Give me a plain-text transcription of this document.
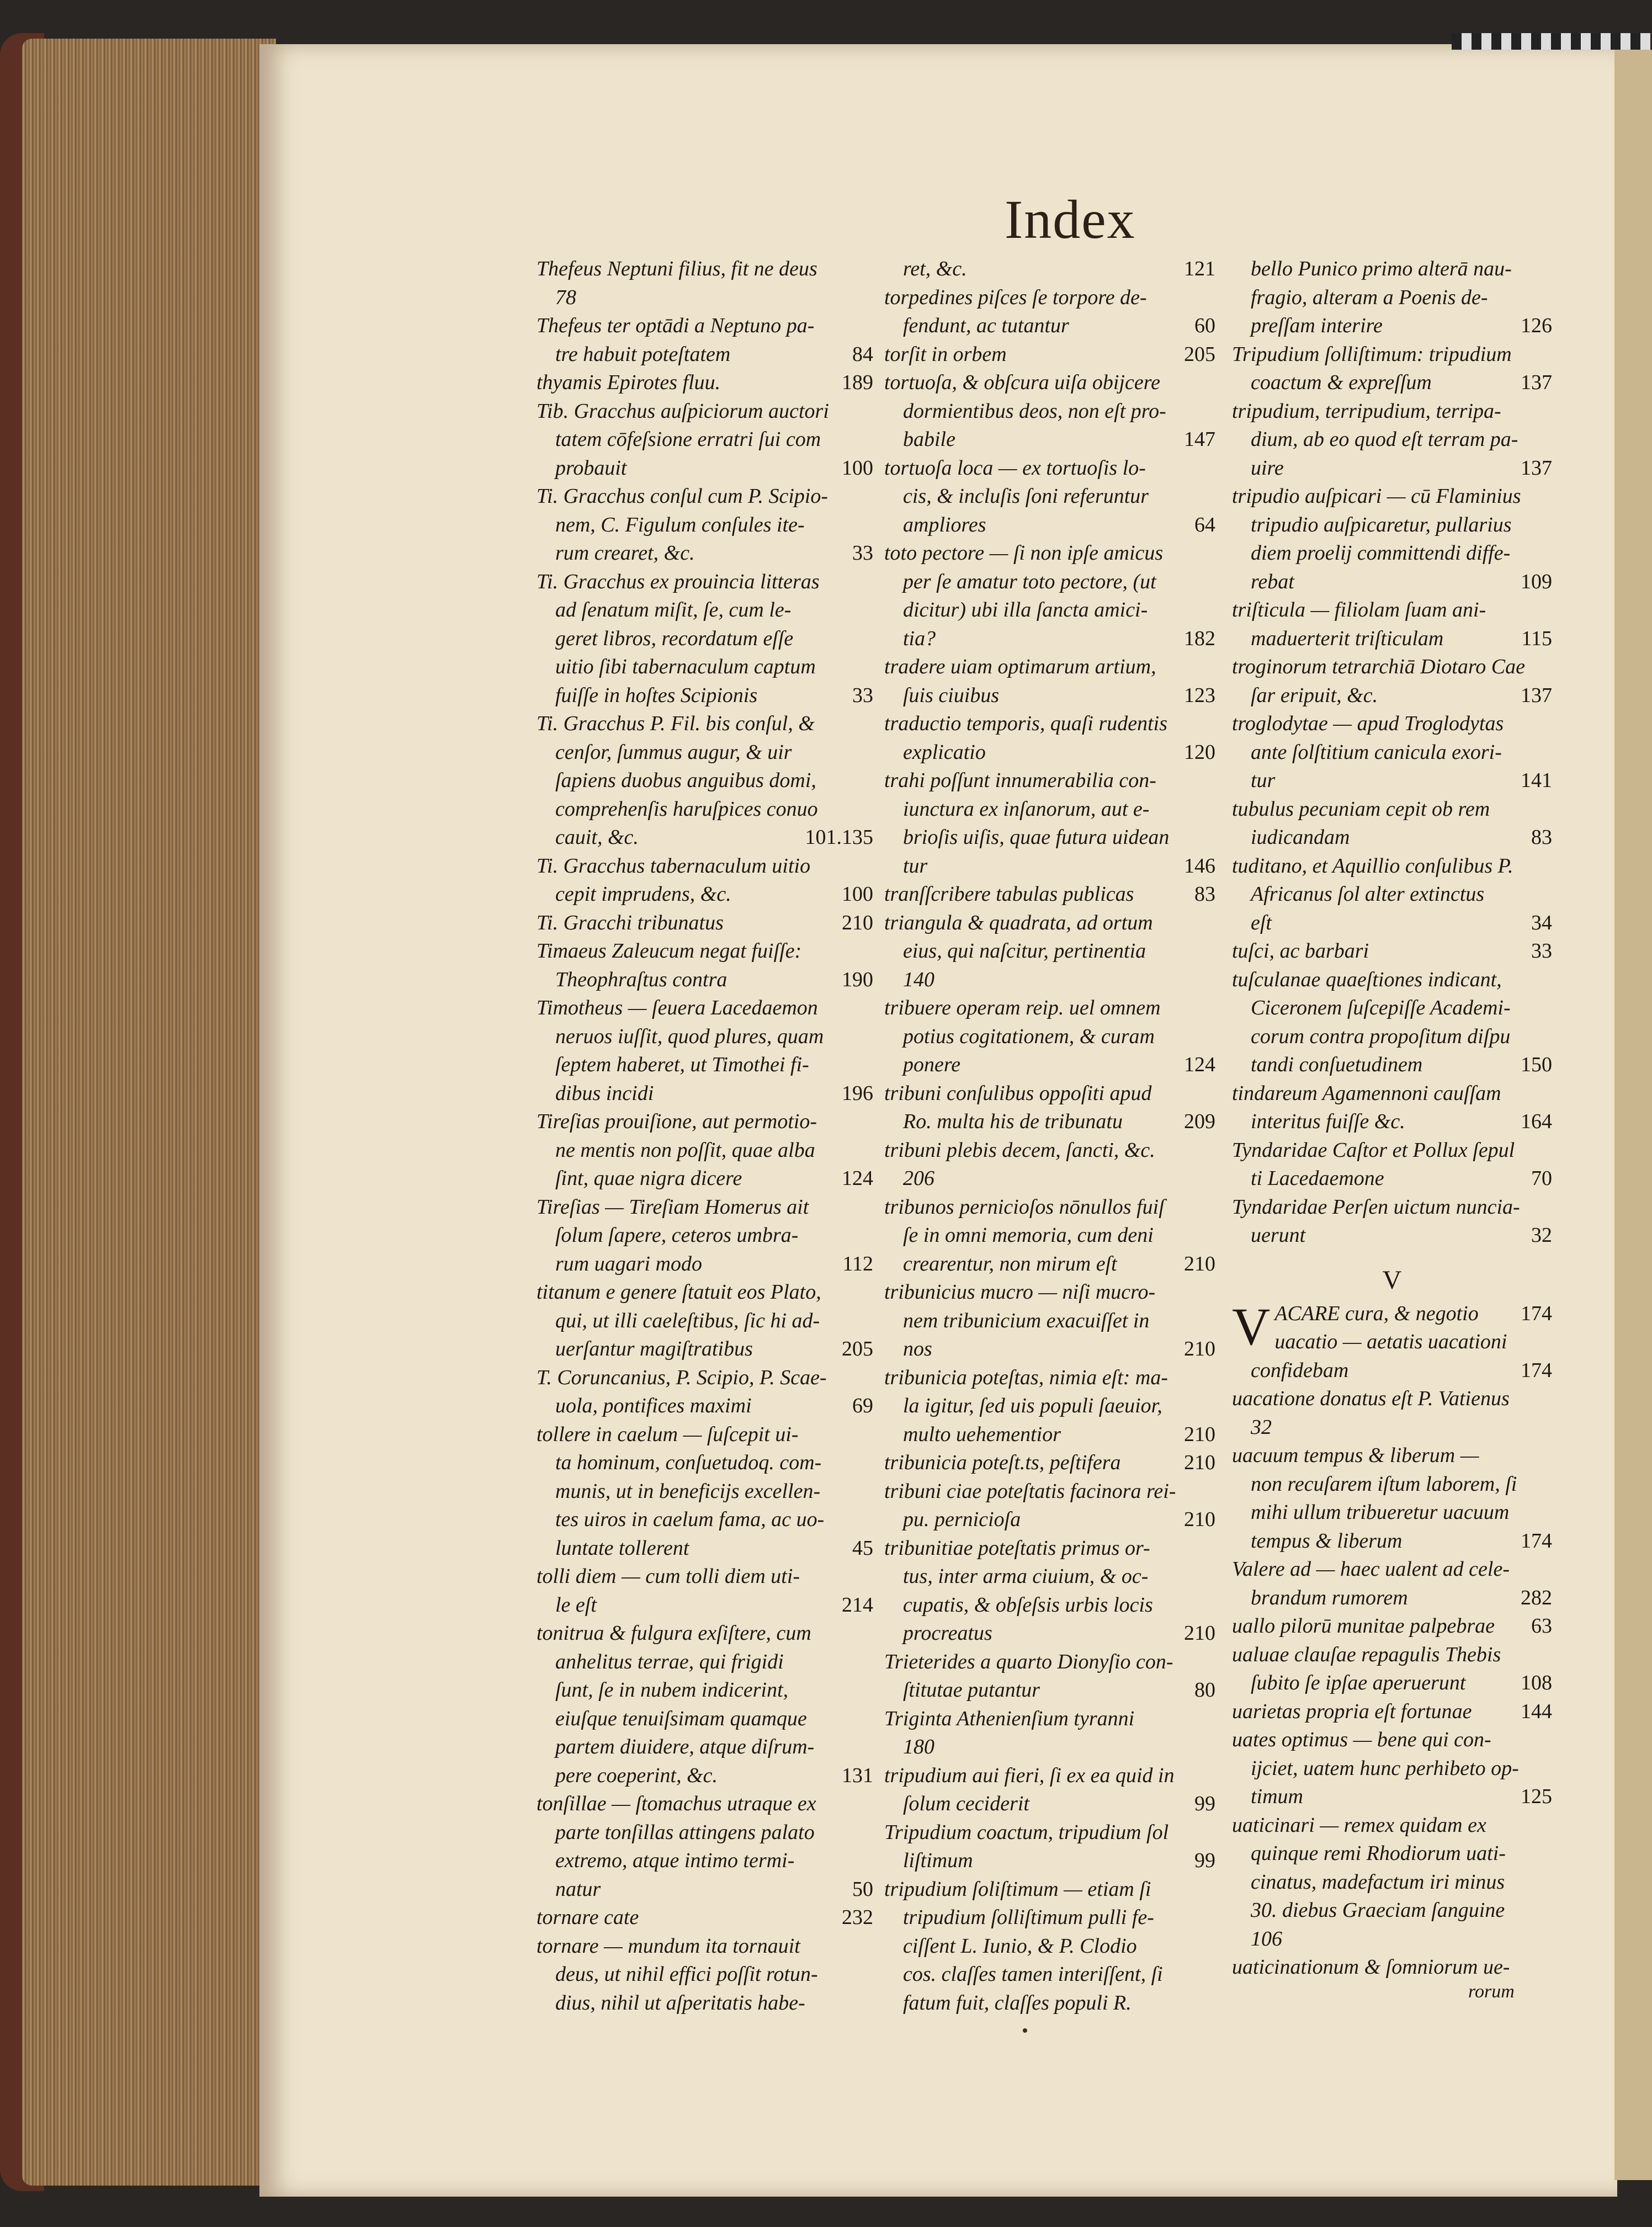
Index
Thefeus Neptuni filius, fit ne deus
78
Thefeus ter optādi a Neptuno pa-
tre habuit poteſtatem	84
thyamis Epirotes fluu.	189
Tib. Gracchus auſpiciorum auctori
tatem cōfeſsione erratri ſui com
probauit	100
Ti. Gracchus conſul cum P. Scipio-
nem, C. Figulum conſules ite-
rum crearet, &c.	33
Ti. Gracchus ex prouincia litteras
ad ſenatum miſit, ſe, cum le-
geret libros, recordatum eſſe
uitio ſibi tabernaculum captum
fuiſſe in hoſtes Scipionis	33
Ti. Gracchus P. Fil. bis conſul, &
cenſor, ſummus augur, & uir
ſapiens duobus anguibus domi,
comprehenſis haruſpices conuo
cauit, &c.	101.135
Ti. Gracchus tabernaculum uitio
cepit imprudens, &c.	100
Ti. Gracchi tribunatus	210
Timaeus Zaleucum negat fuiſſe:
Theophraſtus contra	190
Timotheus — ſeuera Lacedaemon
neruos iuſſit, quod plures, quam
ſeptem haberet, ut Timothei fi-
dibus incidi	196
Tireſias prouiſione, aut permotio-
ne mentis non poſſit, quae alba
ſint, quae nigra dicere	124
Tireſias — Tireſiam Homerus ait
ſolum ſapere, ceteros umbra-
rum uagari modo	112
titanum e genere ſtatuit eos Plato,
qui, ut illi caeleſtibus, ſic hi ad-
uerſantur magiſtratibus	205
T. Coruncanius, P. Scipio, P. Scae-
uola, pontifices maximi	69
tollere in caelum — ſuſcepit ui-
ta hominum, conſuetudoq. com-
munis, ut in beneficijs excellen-
tes uiros in caelum fama, ac uo-
luntate tollerent	45
tolli diem — cum tolli diem uti-
le eſt	214
tonitrua & fulgura exſiſtere, cum
anhelitus terrae, qui frigidi
ſunt, ſe in nubem indicerint,
eiuſque tenuiſsimam quamque
partem diuidere, atque diſrum-
pere coeperint, &c.	131
tonſillae — ſtomachus utraque ex
parte tonſillas attingens palato
extremo, atque intimo termi-
natur	50
tornare cate	232
tornare — mundum ita tornauit
deus, ut nihil effici poſſit rotun-
dius, nihil ut aſperitatis habe-
ret, &c.	121
torpedines piſces ſe torpore de-
fendunt, ac tutantur	60
torſit in orbem	205
tortuoſa, & obſcura uiſa obijcere
dormientibus deos, non eſt pro-
babile	147
tortuoſa loca — ex tortuoſis lo-
cis, & incluſis ſoni referuntur
ampliores	64
toto pectore — ſi non ipſe amicus
per ſe amatur toto pectore, (ut
dicitur) ubi illa ſancta amici-
tia?	182
tradere uiam optimarum artium,
ſuis ciuibus	123
traductio temporis, quaſi rudentis
explicatio	120
trahi poſſunt innumerabilia con-
iunctura ex inſanorum, aut e-
brioſis uiſis, quae futura uidean
tur	146
tranſſcribere tabulas publicas	83
triangula & quadrata, ad ortum
eius, qui naſcitur, pertinentia
140
tribuere operam reip. uel omnem
potius cogitationem, & curam
ponere	124
tribuni conſulibus oppoſiti apud
Ro. multa his de tribunatu	209
tribuni plebis decem, ſancti, &c.
206
tribunos pernicioſos nōnullos fuiſ
ſe in omni memoria, cum deni
crearentur, non mirum eſt	210
tribunicius mucro — niſi mucro-
nem tribunicium exacuiſſet in
nos	210
tribunicia poteſtas, nimia eſt: ma-
la igitur, ſed uis populi ſaeuior,
multo uehementior	210
tribunicia poteſt.ts, peſtifera	210
tribuni ciae poteſtatis facinora rei-
pu. pernicioſa	210
tribunitiae poteſtatis primus or-
tus, inter arma ciuium, & oc-
cupatis, & obſeſsis urbis locis
procreatus	210
Trieterides a quarto Dionyſio con-
ſtitutae putantur	80
Triginta Athenienſium tyranni
180
tripudium aui fieri, ſi ex ea quid in
ſolum ceciderit	99
Tripudium coactum, tripudium ſol
liſtimum	99
tripudium ſoliſtimum — etiam ſi
tripudium ſolliſtimum pulli fe-
ciſſent L. Iunio, & P. Clodio
cos. claſſes tamen interiſſent, ſi
fatum fuit, claſſes populi R.
bello Punico primo alterā nau-
fragio, alteram a Poenis de-
preſſam interire	126
Tripudium ſolliſtimum: tripudium
coactum & expreſſum	137
tripudium, terripudium, terripa-
dium, ab eo quod eſt terram pa-
uire	137
tripudio auſpicari — cū Flaminius
tripudio auſpicaretur, pullarius
diem proelij committendi diffe-
rebat	109
triſticula — filiolam ſuam ani-
maduerterit triſticulam	115
troginorum tetrarchiā Diotaro Cae
ſar eripuit, &c.	137
troglodytae — apud Troglodytas
ante ſolſtitium canicula exori-
tur	141
tubulus pecuniam cepit ob rem
iudicandam	83
tuditano, et Aquillio conſulibus P.
Africanus ſol alter extinctus
eſt	34
tuſci, ac barbari	33
tuſculanae quaeſtiones indicant,
Ciceronem ſuſcepiſſe Academi-
corum contra propoſitum diſpu
tandi conſuetudinem	150
tindareum Agamennoni cauſſam
interitus fuiſſe &c.	164
Tyndaridae Caſtor et Pollux ſepul
ti Lacedaemone	70
Tyndaridae Perſen uictum nuncia-
uerunt	32
V
VACARE cura, & negotio 174
uacatio — aetatis uacationi
confidebam	174
uacatione donatus eſt P. Vatienus
32
uacuum tempus & liberum —
non recuſarem iſtum laborem, ſi
mihi ullum tribueretur uacuum
tempus & liberum	174
Valere ad — haec ualent ad cele-
brandum rumorem	282
uallo pilorū munitae palpebrae 63
ualuae clauſae repagulis Thebis
ſubito ſe ipſae aperuerunt	108
uarietas propria eſt fortunae 144
uates optimus — bene qui con-
ijciet, uatem hunc perhibeto op-
timum	125
uaticinari — remex quidam ex
quinque remi Rhodiorum uati-
cinatus, madefactum iri minus
30. diebus Graeciam ſanguine
106
uaticinationum & ſomniorum ue-
rorum
